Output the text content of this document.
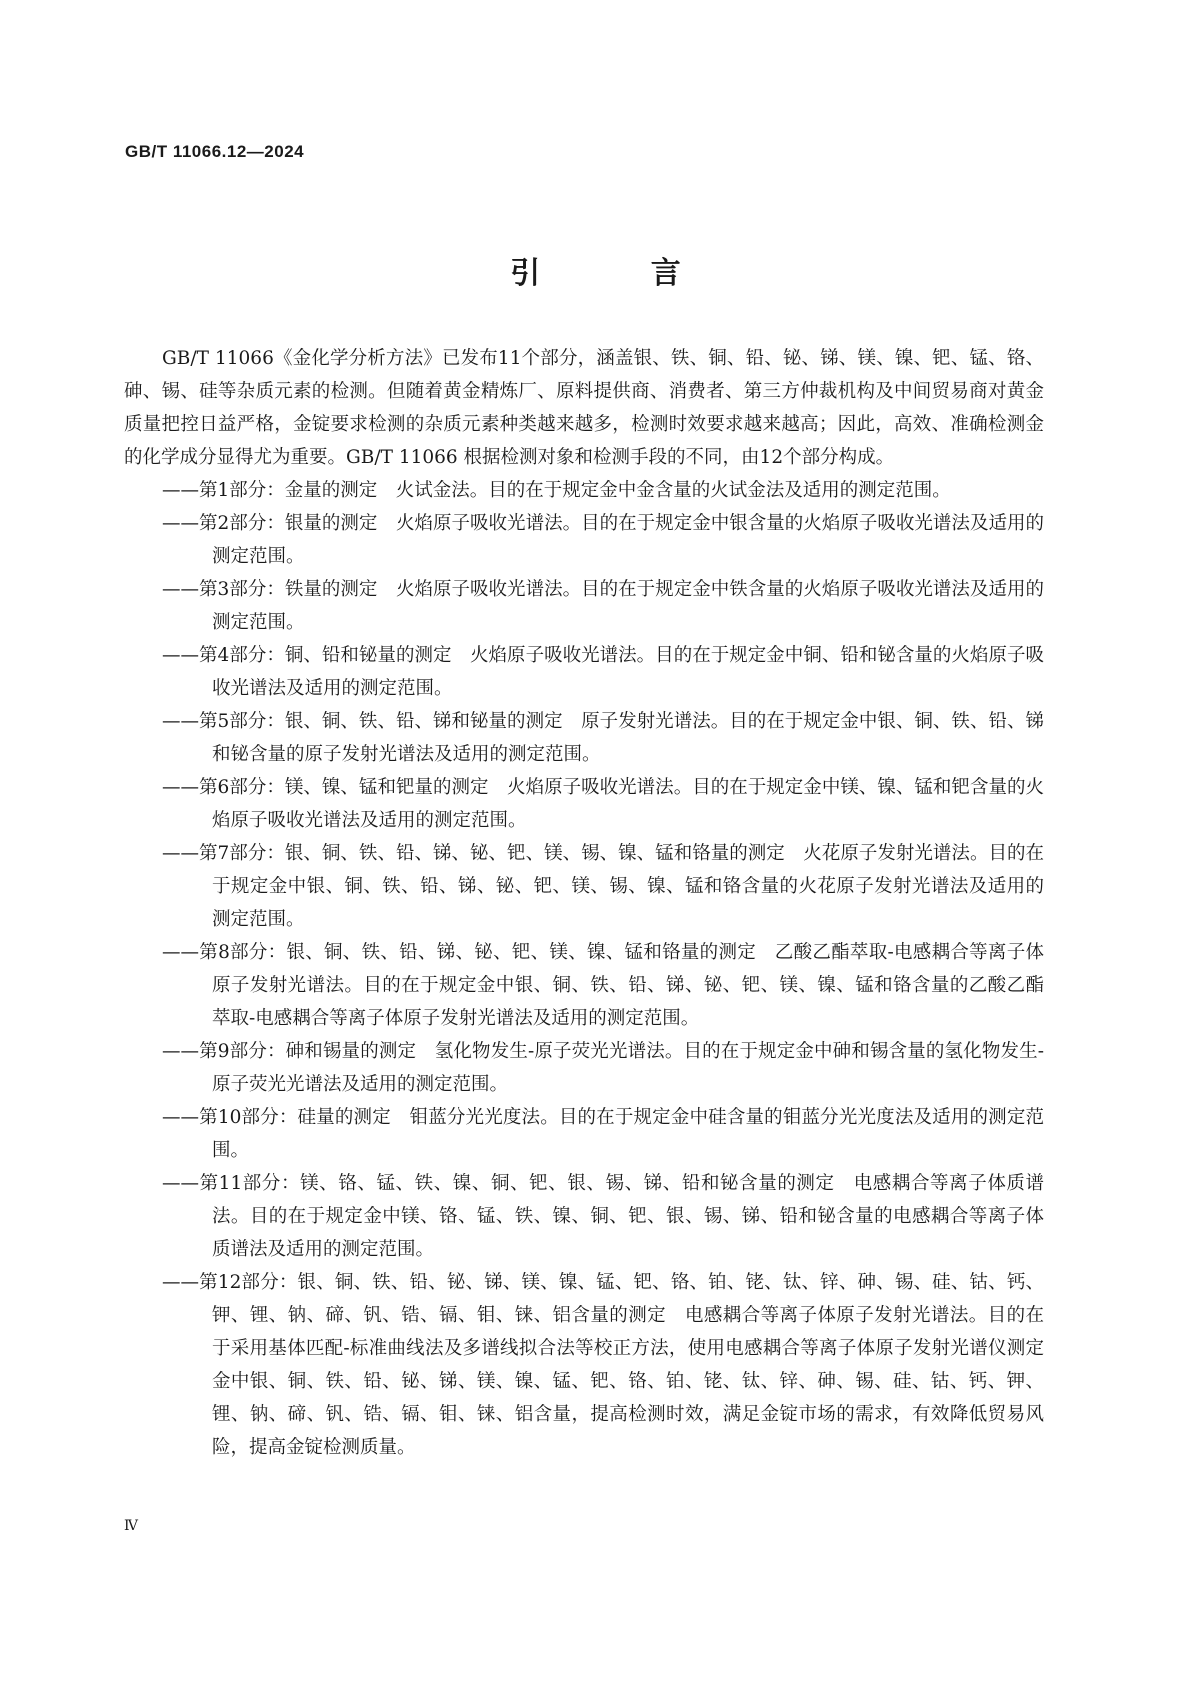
GB/T 11066.12—2024
引 言

GB/T 11066《金化学分析方法》已发布11个部分，涵盖银、铁、铜、铅、铋、锑、镁、镍、钯、锰、铬、砷、锡、硅等杂质元素的检测。但随着黄金精炼厂、原料提供商、消费者、第三方仲裁机构及中间贸易商对黄金质量把控日益严格，金锭要求检测的杂质元素种类越来越多，检测时效要求越来越高；因此，高效、准确检测金的化学成分显得尤为重要。GB/T 11066 根据检测对象和检测手段的不同，由12个部分构成。

——第1部分：金量的测定　火试金法。目的在于规定金中金含量的火试金法及适用的测定范围。

——第2部分：银量的测定　火焰原子吸收光谱法。目的在于规定金中银含量的火焰原子吸收光谱法及适用的测定范围。

——第3部分：铁量的测定　火焰原子吸收光谱法。目的在于规定金中铁含量的火焰原子吸收光谱法及适用的测定范围。

——第4部分：铜、铅和铋量的测定　火焰原子吸收光谱法。目的在于规定金中铜、铅和铋含量的火焰原子吸收光谱法及适用的测定范围。

——第5部分：银、铜、铁、铅、锑和铋量的测定　原子发射光谱法。目的在于规定金中银、铜、铁、铅、锑和铋含量的原子发射光谱法及适用的测定范围。

——第6部分：镁、镍、锰和钯量的测定　火焰原子吸收光谱法。目的在于规定金中镁、镍、锰和钯含量的火焰原子吸收光谱法及适用的测定范围。

——第7部分：银、铜、铁、铅、锑、铋、钯、镁、锡、镍、锰和铬量的测定　火花原子发射光谱法。目的在于规定金中银、铜、铁、铅、锑、铋、钯、镁、锡、镍、锰和铬含量的火花原子发射光谱法及适用的测定范围。

——第8部分：银、铜、铁、铅、锑、铋、钯、镁、镍、锰和铬量的测定　乙酸乙酯萃取-电感耦合等离子体原子发射光谱法。目的在于规定金中银、铜、铁、铅、锑、铋、钯、镁、镍、锰和铬含量的乙酸乙酯萃取-电感耦合等离子体原子发射光谱法及适用的测定范围。

——第9部分：砷和锡量的测定　氢化物发生-原子荧光光谱法。目的在于规定金中砷和锡含量的氢化物发生-原子荧光光谱法及适用的测定范围。

——第10部分：硅量的测定　钼蓝分光光度法。目的在于规定金中硅含量的钼蓝分光光度法及适用的测定范围。

——第11部分：镁、铬、锰、铁、镍、铜、钯、银、锡、锑、铅和铋含量的测定　电感耦合等离子体质谱法。目的在于规定金中镁、铬、锰、铁、镍、铜、钯、银、锡、锑、铅和铋含量的电感耦合等离子体质谱法及适用的测定范围。

——第12部分：银、铜、铁、铅、铋、锑、镁、镍、锰、钯、铬、铂、铑、钛、锌、砷、锡、硅、钴、钙、钾、锂、钠、碲、钒、锆、镉、钼、铼、铝含量的测定　电感耦合等离子体原子发射光谱法。目的在于采用基体匹配-标准曲线法及多谱线拟合法等校正方法，使用电感耦合等离子体原子发射光谱仪测定金中银、铜、铁、铅、铋、锑、镁、镍、锰、钯、铬、铂、铑、钛、锌、砷、锡、硅、钴、钙、钾、锂、钠、碲、钒、锆、镉、钼、铼、铝含量，提高检测时效，满足金锭市场的需求，有效降低贸易风险，提高金锭检测质量。

Ⅳ
